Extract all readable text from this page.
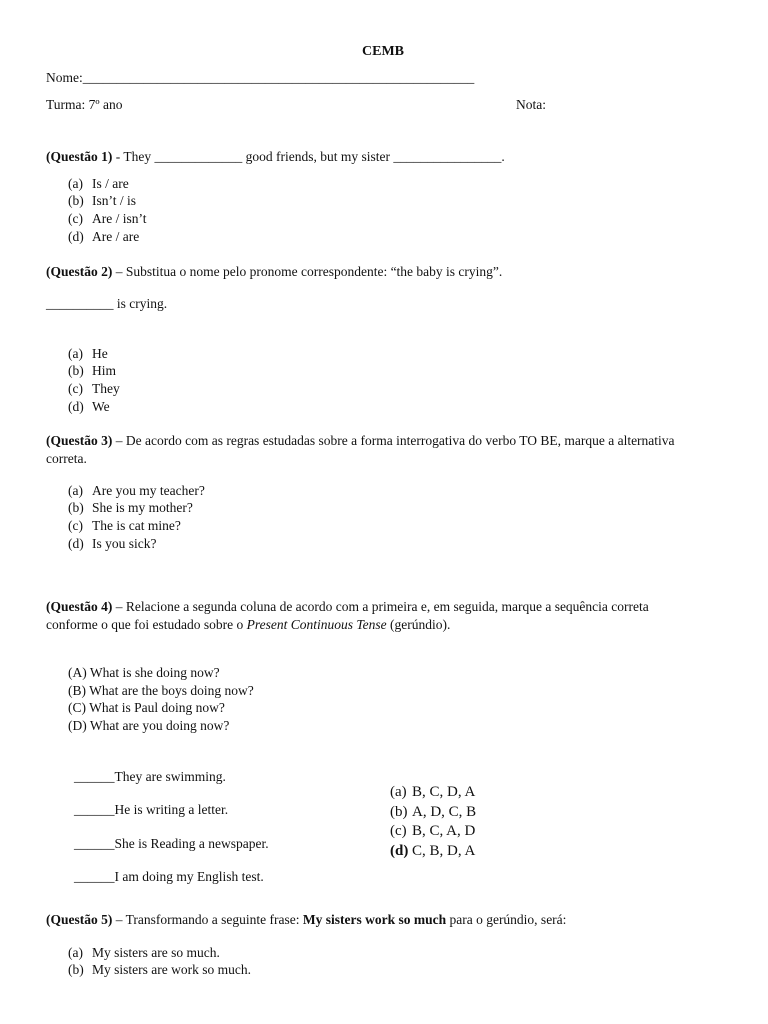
CEMB
Nome:__________________________________________________________
Turma: 7º ano	Nota:
(Questão 1) - They _____________ good friends, but my sister ________________.
(a) Is / are
(b) Isn’t / is
(c) Are / isn’t
(d) Are / are
(Questão 2) – Substitua o nome pelo pronome correspondente: “the baby is crying”.
__________ is crying.
(a) He
(b) Him
(c) They
(d) We
(Questão 3) – De acordo com as regras estudadas sobre a forma interrogativa do verbo TO BE, marque a alternativa
correta.
(a) Are you my teacher?
(b) She is my mother?
(c) The is cat mine?
(d) Is you sick?
(Questão 4) – Relacione a segunda coluna de acordo com a primeira e, em seguida, marque a sequência correta
conforme o que foi estudado sobre o Present Continuous Tense (gerúndio).
(A) What is she doing now?
(B) What are the boys doing now?
(C) What is Paul doing now?
(D) What are you doing now?
______They are swimming.
______He is writing a letter.
______She is Reading a newspaper.
______I am doing my English test.
(a) B, C, D, A
(b) A, D, C, B
(c) B, C, A, D
(d) C, B, D, A
(Questão 5) – Transformando a seguinte frase: My sisters work so much para o gerúndio, será:
(a) My sisters are so much.
(b) My sisters are work so much.
